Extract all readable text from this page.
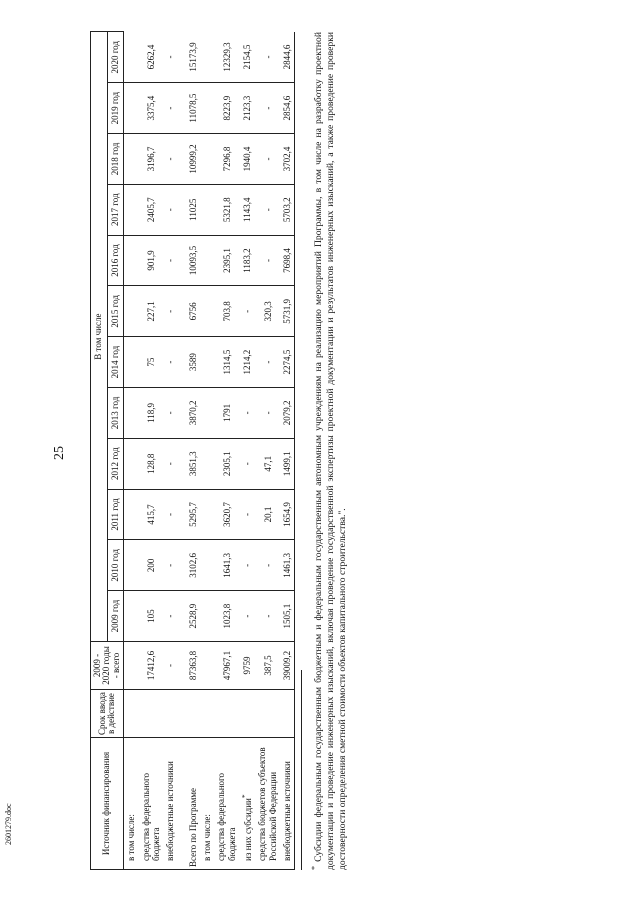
25
2601279.doc	Источник финансирования	Срок ввода в действие	2009 - 2020 годы - всего	В том числе											
			2009 год	2010 год	2011 год	2012 год	2013 год	2014 год	2015 год	2016 год	2017 год	2018 год	2019 год	2020 год
в том числе:														
средства федерального бюджета		17412,6	105	200	415,7	128,8	118,9	75	227,1	901,9	2405,7	3196,7	3375,4	6262,4
внебюджетные источники		-	-	-	-	-	-	-	-	-	-	-	-	-
Всего по Программе		87363,8	2528,9	3102,6	5295,7	3851,3	3870,2	3589	6756	10093,5	11025	10999,2	11078,5	15173,9
в том числе:														
средства федерального бюджета		47967,1	1023,8	1641,3	3620,7	2305,1	1791	1314,5	703,8	2395,1	5321,8	7296,8	8223,9	12329,3
из них субсидии*		9759	-	-	-	-	-	1214,2	-	1183,2	1143,4	1940,4	2123,3	2154,5
средства бюджетов субъектов Российской Федерации		387,5	-	-	20,1	47,1	-	-	320,3	-	-	-	-	-
внебюджетные источники		39009,2	1505,1	1461,3	1654,9	1499,1	2079,2	2274,5	5731,9	7698,4	5703,2	3702,4	2854,6	2844,6
* Субсидии федеральным государственным бюджетным и федеральным государственным автономным учреждениям на реализацию мероприятий Программы, в том числе на разработку проектной документации и проведение инженерных изысканий, включая проведение государственной экспертизы проектной документации и результатов инженерных изысканий, а также проведение проверки достоверности определения сметной стоимости объектов капитального строительства.".
